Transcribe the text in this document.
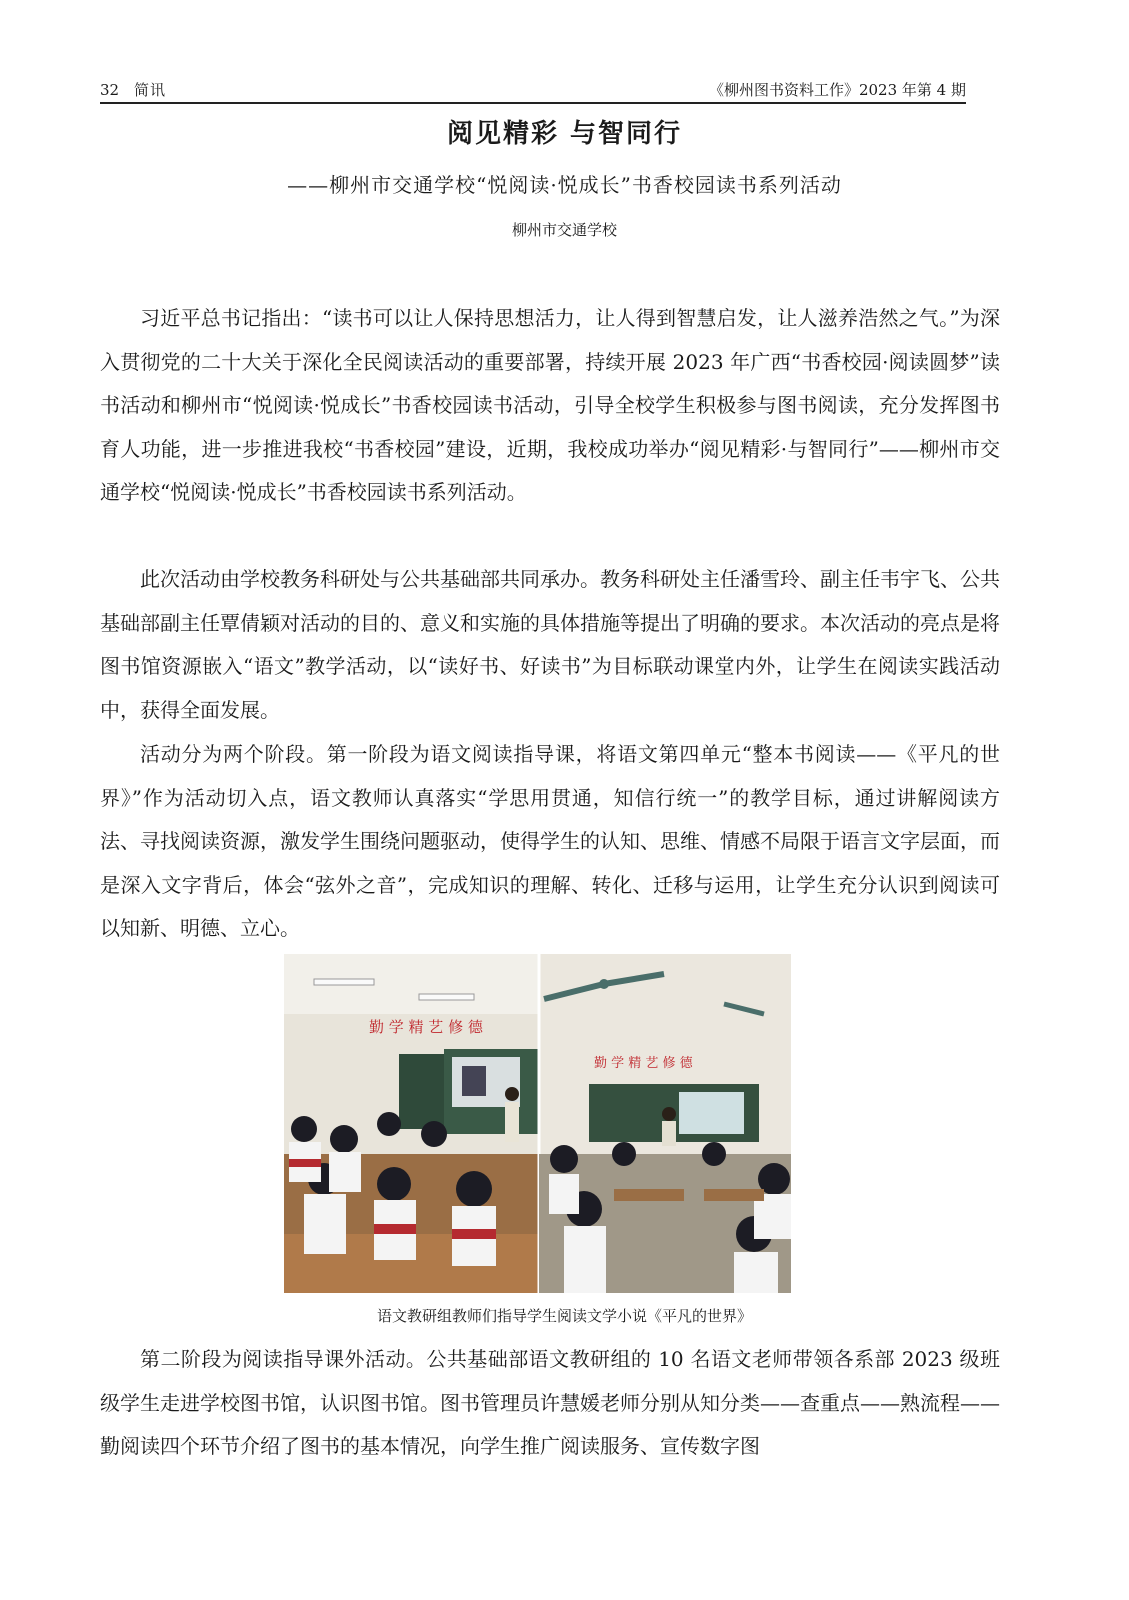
32 简讯	《柳州图书资料工作》2023 年第 4 期
阅见精彩 与智同行
——柳州市交通学校“悦阅读·悦成长”书香校园读书系列活动
柳州市交通学校

习近平总书记指出：“读书可以让人保持思想活力，让人得到智慧启发，让人滋养浩然之气。”为深入贯彻党的二十大关于深化全民阅读活动的重要部署，持续开展 2023 年广西“书香校园·阅读圆梦”读书活动和柳州市“悦阅读·悦成长”书香校园读书活动，引导全校学生积极参与图书阅读，充分发挥图书育人功能，进一步推进我校“书香校园”建设，近期，我校成功举办“阅见精彩·与智同行”——柳州市交通学校“悦阅读·悦成长”书香校园读书系列活动。

此次活动由学校教务科研处与公共基础部共同承办。教务科研处主任潘雪玲、副主任韦宇飞、公共基础部副主任覃倩颖对活动的目的、意义和实施的具体措施等提出了明确的要求。本次活动的亮点是将图书馆资源嵌入“语文”教学活动，以“读好书、好读书”为目标联动课堂内外，让学生在阅读实践活动中，获得全面发展。

活动分为两个阶段。第一阶段为语文阅读指导课，将语文第四单元“整本书阅读——《平凡的世界》”作为活动切入点，语文教师认真落实“学思用贯通，知信行统一”的教学目标，通过讲解阅读方法、寻找阅读资源，激发学生围绕问题驱动，使得学生的认知、思维、情感不局限于语言文字层面，而是深入文字背后，体会“弦外之音”，完成知识的理解、转化、迁移与运用，让学生充分认识到阅读可以知新、明德、立心。

勤 学 精 艺 修 德
勤 学 精 艺 修 德
语文教研组教师们指导学生阅读文学小说《平凡的世界》

第二阶段为阅读指导课外活动。公共基础部语文教研组的 10 名语文老师带领各系部 2023 级班级学生走进学校图书馆，认识图书馆。图书管理员许慧媛老师分别从知分类——查重点——熟流程——勤阅读四个环节介绍了图书的基本情况，向学生推广阅读服务、宣传数字图
